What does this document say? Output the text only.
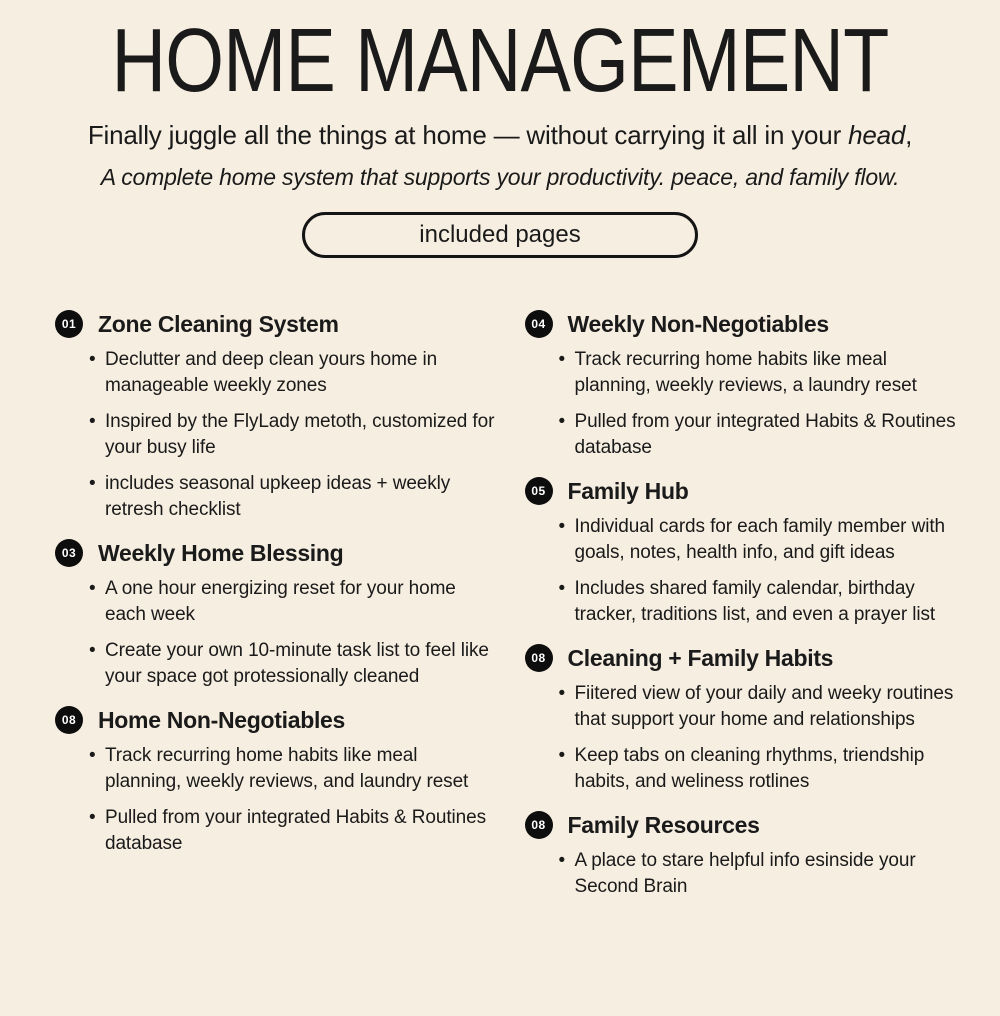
HOME MANAGEMENT

Finally juggle all the things at home — without carrying it all in your head,

A complete home system that supports your productivity. peace, and family flow.

included pages
01 Zone Cleaning System
• Declutter and deep clean yours home in manageable weekly zones
• Inspired by the FlyLady metoth, customized for your busy life
• includes seasonal upkeep ideas + weekly retresh checklist
03 Weekly Home Blessing
• A one hour energizing reset for your home each week
• Create your own 10-minute task list to feel like your space got protessionally cleaned
08 Home Non-Negotiables
• Track recurring home habits like meal planning, weekly reviews, and laundry reset
• Pulled from your integrated Habits & Routines database
04 Weekly Non-Negotiables
• Track recurring home habits like meal planning, weekly reviews, a laundry reset
• Pulled from your integrated Habits & Routines database
05 Family Hub
• Individual cards for each family member with goals, notes, health info, and gift ideas
• Includes shared family calendar, birthday tracker, traditions list, and even a prayer list
08 Cleaning + Family Habits
• Fiitered view of your daily and weeky routines that support your home and relationships
• Keep tabs on cleaning rhythms, triendship habits, and weliness rotlines
08 Family Resources
• A place to stare helpful info esinside your Second Brain
